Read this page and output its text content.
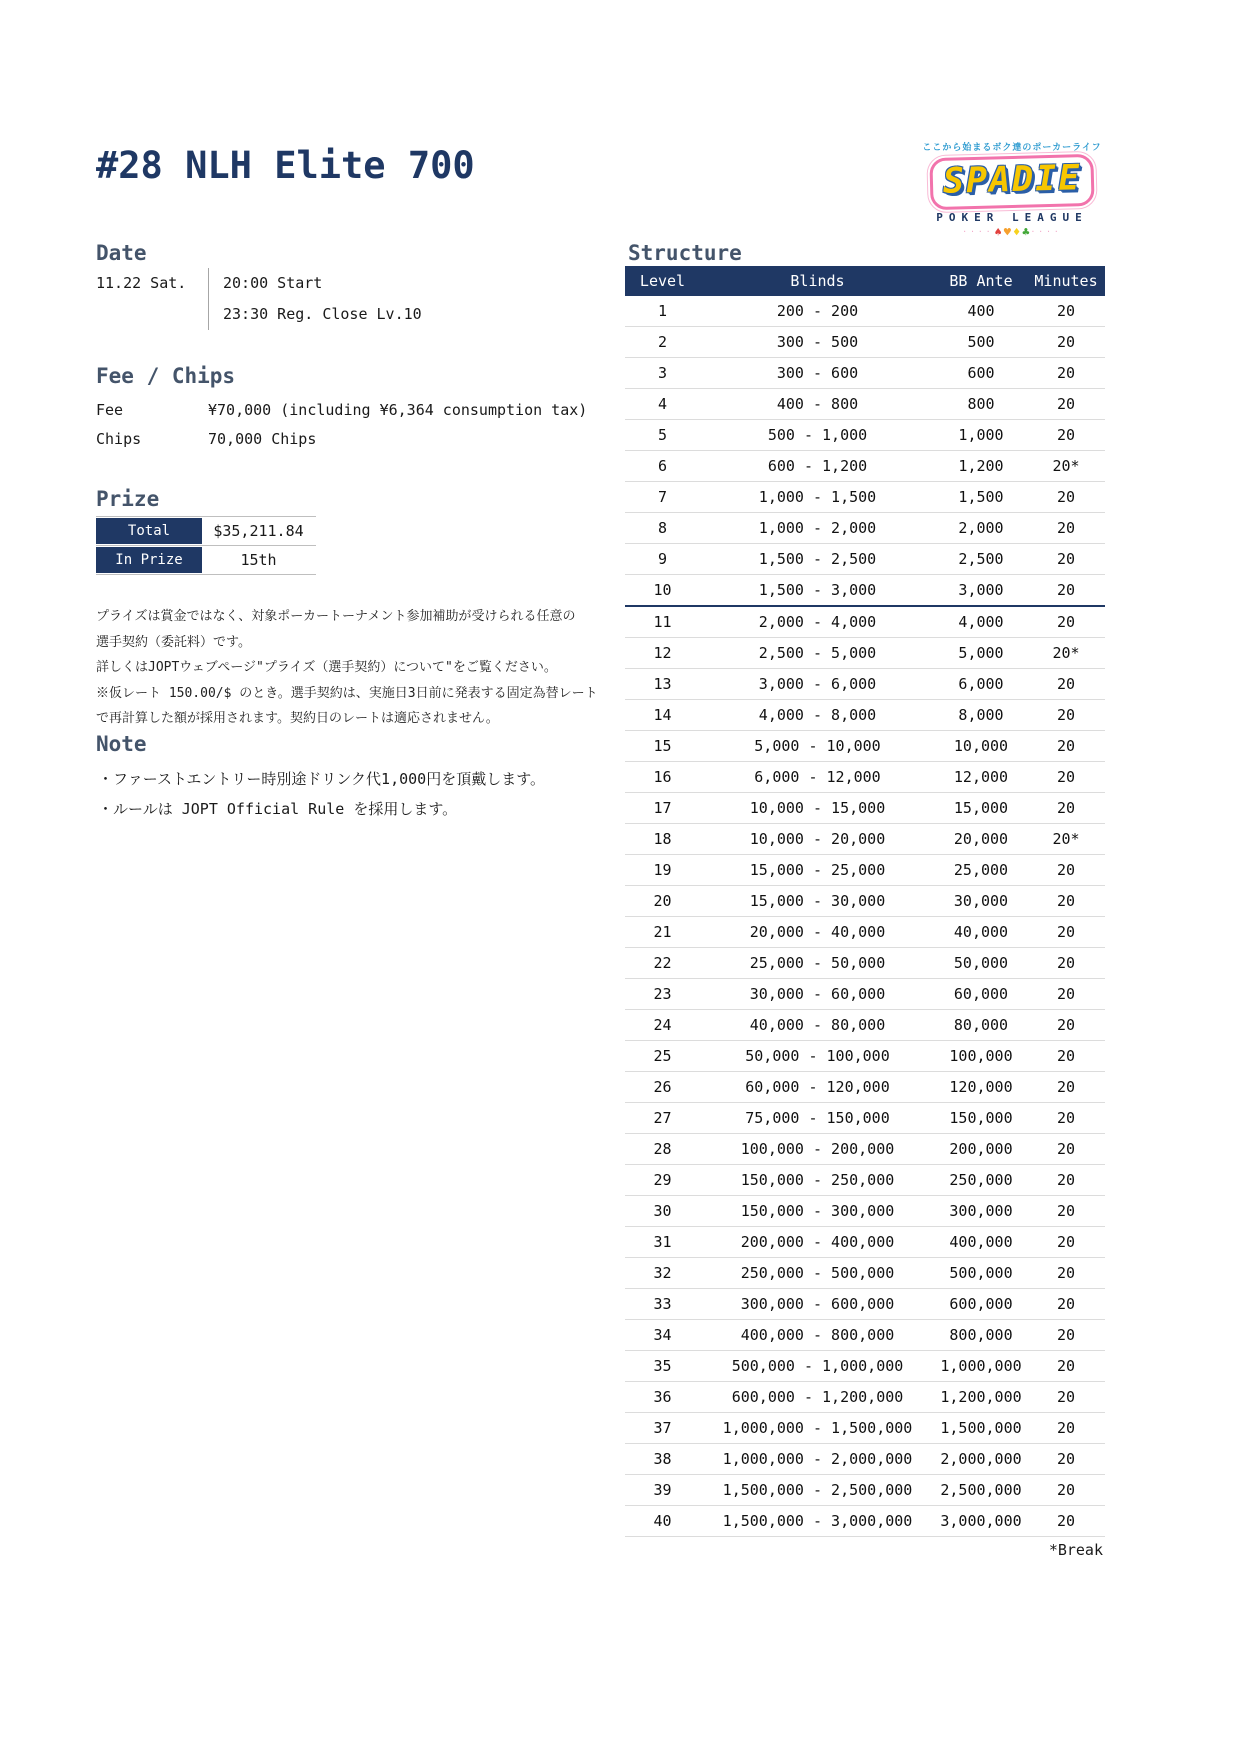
#28 NLH Elite 700	ここから始まるボク達のポーカーライフ
SPADIE
POKER LEAGUE
····♠ ♥ ♦ ♣····
Date
11.22 Sat.	20:00 Start
23:30 Reg. Close Lv.10
Fee / Chips
Fee	¥70,000 (including ¥6,364 consumption tax)
Chips	70,000 Chips
Prize
Total	$35,211.84
In Prize	15th
プライズは賞金ではなく、対象ポーカートーナメント参加補助が受けられる任意の
選手契約（委託料）です。
詳しくはJOPTウェブページ"プライズ（選手契約）について"をご覧ください。
※仮レート 150.00/$ のとき。選手契約は、実施日3日前に発表する固定為替レート
で再計算した額が採用されます。契約日のレートは適応されません。
Note
・ファーストエントリー時別途ドリンク代1,000円を頂戴します。
・ルールは JOPT Official Rule を採用します。
Structure
Level	Blinds	BB Ante	Minutes
1	200 - 200	400	20
2	300 - 500	500	20
3	300 - 600	600	20
4	400 - 800	800	20
5	500 - 1,000	1,000	20
6	600 - 1,200	1,200	20*
7	1,000 - 1,500	1,500	20
8	1,000 - 2,000	2,000	20
9	1,500 - 2,500	2,500	20
10	1,500 - 3,000	3,000	20
11	2,000 - 4,000	4,000	20
12	2,500 - 5,000	5,000	20*
13	3,000 - 6,000	6,000	20
14	4,000 - 8,000	8,000	20
15	5,000 - 10,000	10,000	20
16	6,000 - 12,000	12,000	20
17	10,000 - 15,000	15,000	20
18	10,000 - 20,000	20,000	20*
19	15,000 - 25,000	25,000	20
20	15,000 - 30,000	30,000	20
21	20,000 - 40,000	40,000	20
22	25,000 - 50,000	50,000	20
23	30,000 - 60,000	60,000	20
24	40,000 - 80,000	80,000	20
25	50,000 - 100,000	100,000	20
26	60,000 - 120,000	120,000	20
27	75,000 - 150,000	150,000	20
28	100,000 - 200,000	200,000	20
29	150,000 - 250,000	250,000	20
30	150,000 - 300,000	300,000	20
31	200,000 - 400,000	400,000	20
32	250,000 - 500,000	500,000	20
33	300,000 - 600,000	600,000	20
34	400,000 - 800,000	800,000	20
35	500,000 - 1,000,000	1,000,000	20
36	600,000 - 1,200,000	1,200,000	20
37	1,000,000 - 1,500,000	1,500,000	20
38	1,000,000 - 2,000,000	2,000,000	20
39	1,500,000 - 2,500,000	2,500,000	20
40	1,500,000 - 3,000,000	3,000,000	20
*Break
